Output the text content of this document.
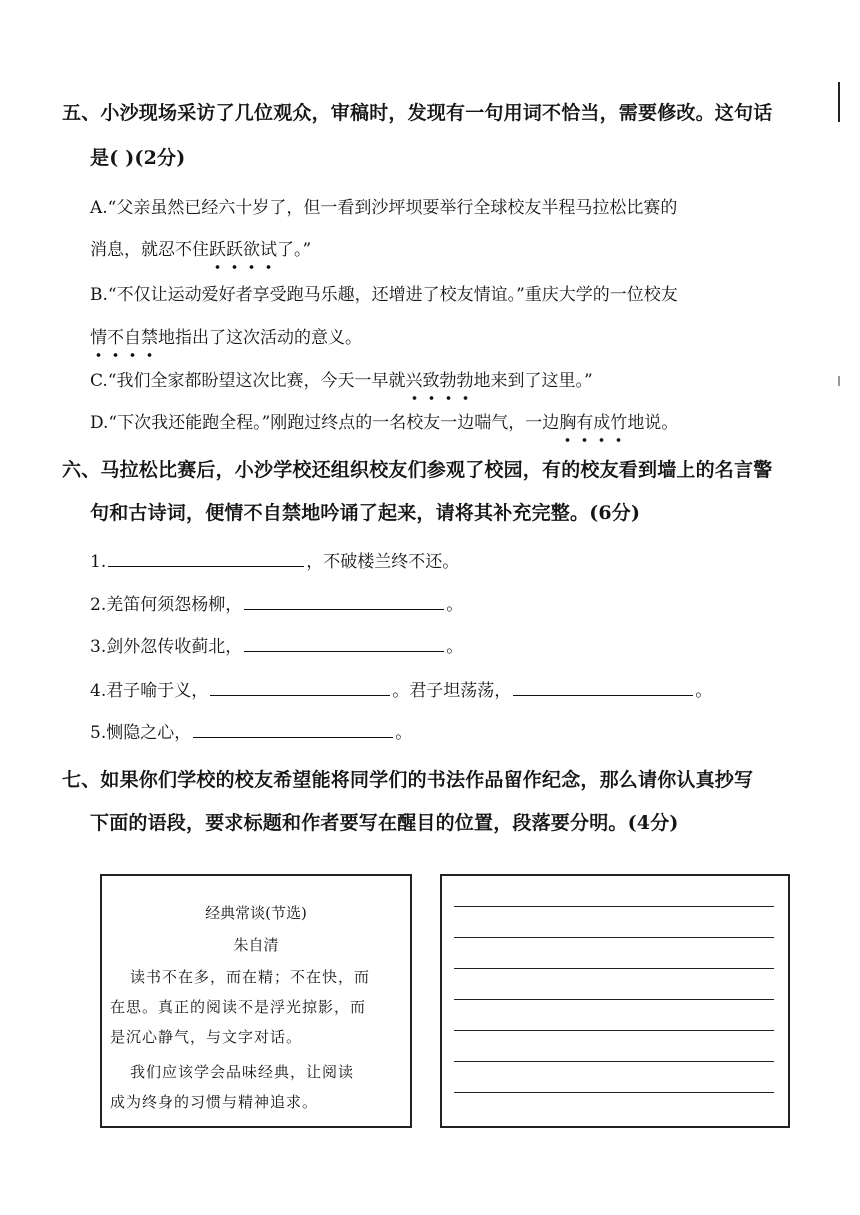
五、小沙现场采访了几位观众，审稿时，发现有一句用词不恰当，需要修改。这句话
是( )(2分)
A.“父亲虽然已经六十岁了，但一看到沙坪坝要举行全球校友半程马拉松比赛的
消息，就忍不住跃跃欲试了。”
B.“不仅让运动爱好者享受跑马乐趣，还增进了校友情谊。”重庆大学的一位校友
情不自禁地指出了这次活动的意义。
C.“我们全家都盼望这次比赛，今天一早就兴致勃勃地来到了这里。”
D.“下次我还能跑全程。”刚跑过终点的一名校友一边喘气，一边胸有成竹地说。
六、马拉松比赛后，小沙学校还组织校友们参观了校园，有的校友看到墙上的名言警
句和古诗词，便情不自禁地吟诵了起来，请将其补充完整。(6分)
1.	，不破楼兰终不还。
2.羌笛何须怨杨柳，	。
3.剑外忽传收蓟北，	。
4.君子喻于义，	。君子坦荡荡，	。
5.恻隐之心，	。
七、如果你们学校的校友希望能将同学们的书法作品留作纪念，那么请你认真抄写
下面的语段，要求标题和作者要写在醒目的位置，段落要分明。(4分)
经典常谈(节选)
朱自清
读书不在多，而在精；不在快，而
在思。真正的阅读不是浮光掠影，而
是沉心静气，与文字对话。
我们应该学会品味经典，让阅读
成为终身的习惯与精神追求。
